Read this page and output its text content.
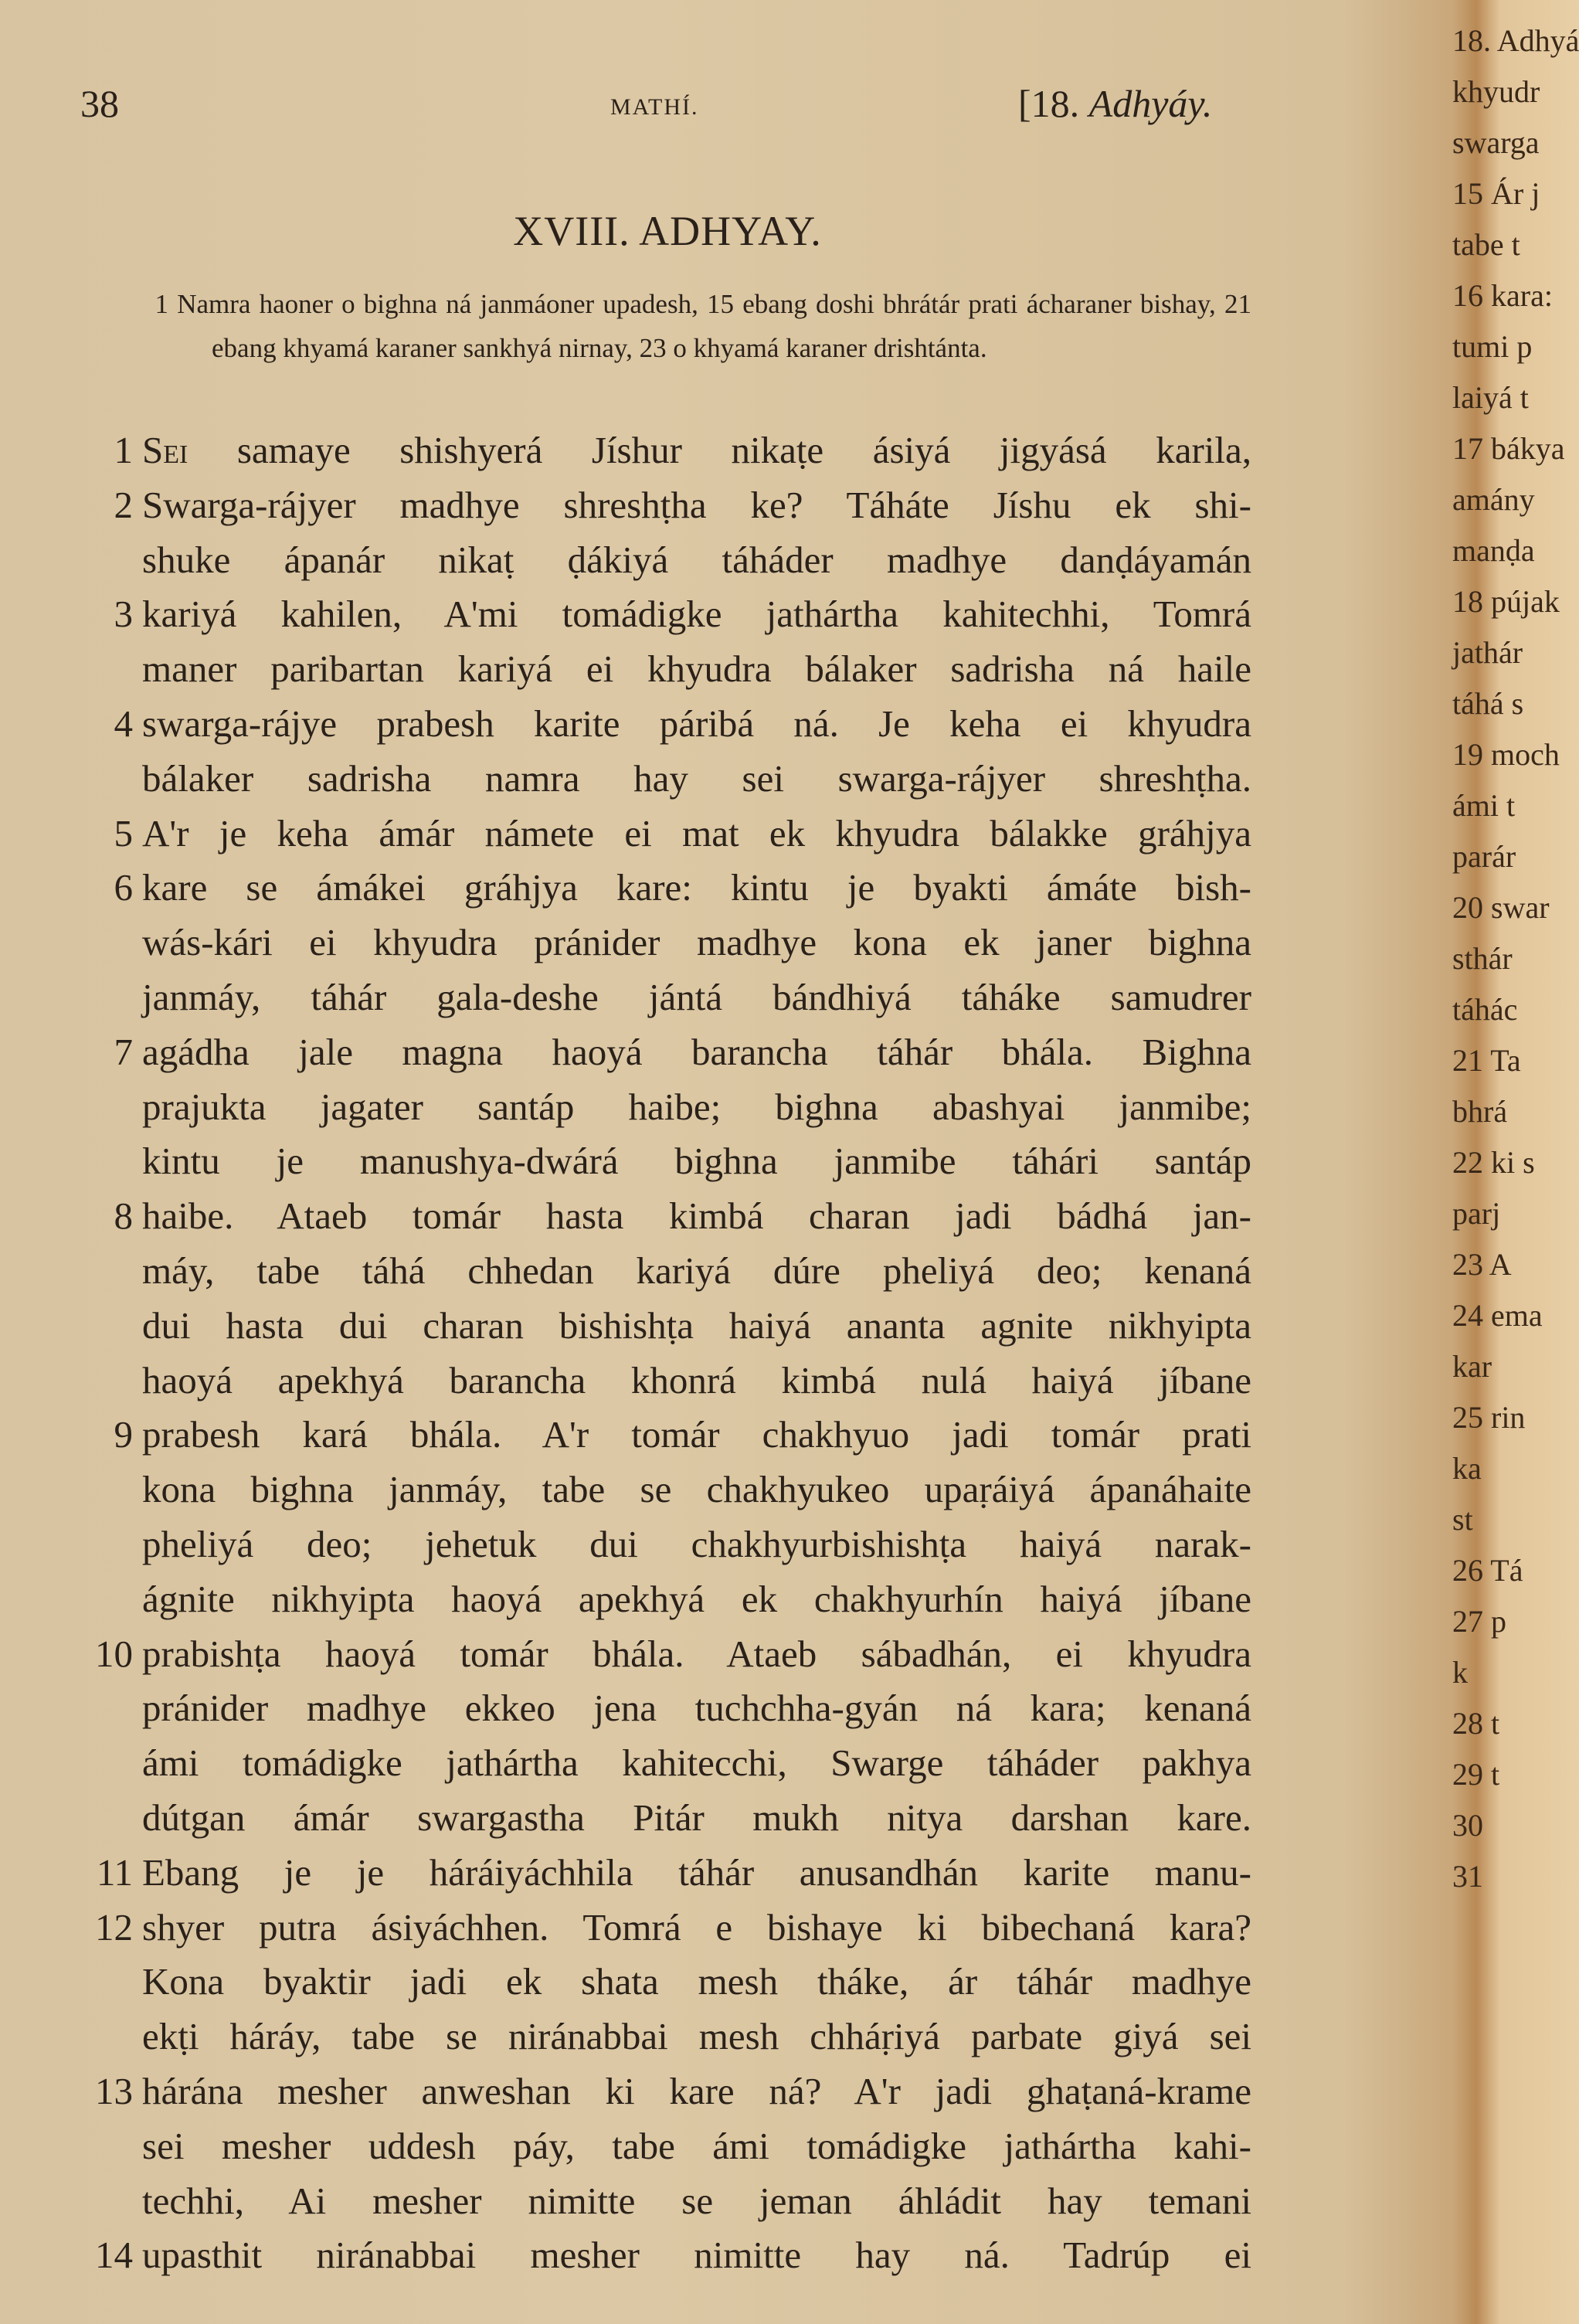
38	MATHÍ.	[18. Adhyáy.
XVIII. ADHYAY.
1 Namra haoner o bighna ná janmáoner upadesh, 15 ebang doshi bhrátár prati ácharaner bishay, 21 ebang khyamá karaner sankhyá nirnay, 23 o khyamá karaner drishtánta.
1 Sei samaye shishyerá Jíshur nikaṭe ásiyá jigyásá karila,
2 Swarga-rájyer madhye shreshṭha ke? Táháte Jíshu ek shi-
shuke ápanár nikaṭ ḍákiyá táháder madhye danḍáyamán
3 kariyá kahilen, A'mi tomádigke jathártha kahitechhi, Tomrá
maner paribartan kariyá ei khyudra bálaker sadrisha ná haile
4 swarga-rájye prabesh karite páribá ná. Je keha ei khyudra
bálaker sadrisha namra hay sei swarga-rájyer shreshṭha.
5 A'r je keha ámár námete ei mat ek khyudra bálakke gráhjya
6 kare se ámákei gráhjya kare: kintu je byakti ámáte bish-
wás-kári ei khyudra pránider madhye kona ek janer bighna
janmáy, táhár gala-deshe jántá bándhiyá táháke samudrer
7 agádha jale magna haoyá barancha táhár bhála. Bighna
prajukta jagater santáp haibe; bighna abashyai janmibe;
kintu je manushya-dwárá bighna janmibe táhári santáp
8 haibe. Ataeb tomár hasta kimbá charan jadi bádhá jan-
máy, tabe táhá chhedan kariyá dúre pheliyá deo; kenaná
dui hasta dui charan bishishṭa haiyá ananta agnite nikhyipta
haoyá apekhyá barancha khonrá kimbá nulá haiyá jíbane
9 prabesh kará bhála. A'r tomár chakhyuo jadi tomár prati
kona bighna janmáy, tabe se chakhyukeo upaṛáiyá ápanáhaite
pheliyá deo; jehetuk dui chakhyurbishishṭa haiyá narak-
ágnite nikhyipta haoyá apekhyá ek chakhyurhín haiyá jíbane
10 prabishṭa haoyá tomár bhála. Ataeb sábadhán, ei khyudra
pránider madhye ekkeo jena tuchchha-gyán ná kara; kenaná
ámi tomádigke jathártha kahitecchi, Swarge táháder pakhya
dútgan ámár swargastha Pitár mukh nitya darshan kare.
11 Ebang je je háráiyáchhila táhár anusandhán karite manu-
12 shyer putra ásiyáchhen. Tomrá e bishaye ki bibechaná kara?
Kona byaktir jadi ek shata mesh tháke, ár táhár madhye
ekṭi háráy, tabe se niránabbai mesh chháṛiyá parbate giyá sei
13 hárána mesher anweshan ki kare ná? A'r jadi ghaṭaná-krame
sei mesher uddesh páy, tabe ámi tomádigke jathártha kahi-
techhi, Ai mesher nimitte se jeman áhládit hay temani
14 upasthit niránabbai mesher nimitte hay ná. Tadrúp ei
18. Adhyá
khyudr
swarga
15 Ár j
tabe t
16 kara:
tumi p
laiyá t
17 bákya
amány
manḍa
18 pújak
jathár
táhá s
19 moch
ámi t
parár
20 swar
sthár
táhác
21 Ta
bhrá
22 ki s
parj
23 A
24 ema
kar
25 rin
ka
st
26 Tá
27 p
k
28 t
29 t
30
31
